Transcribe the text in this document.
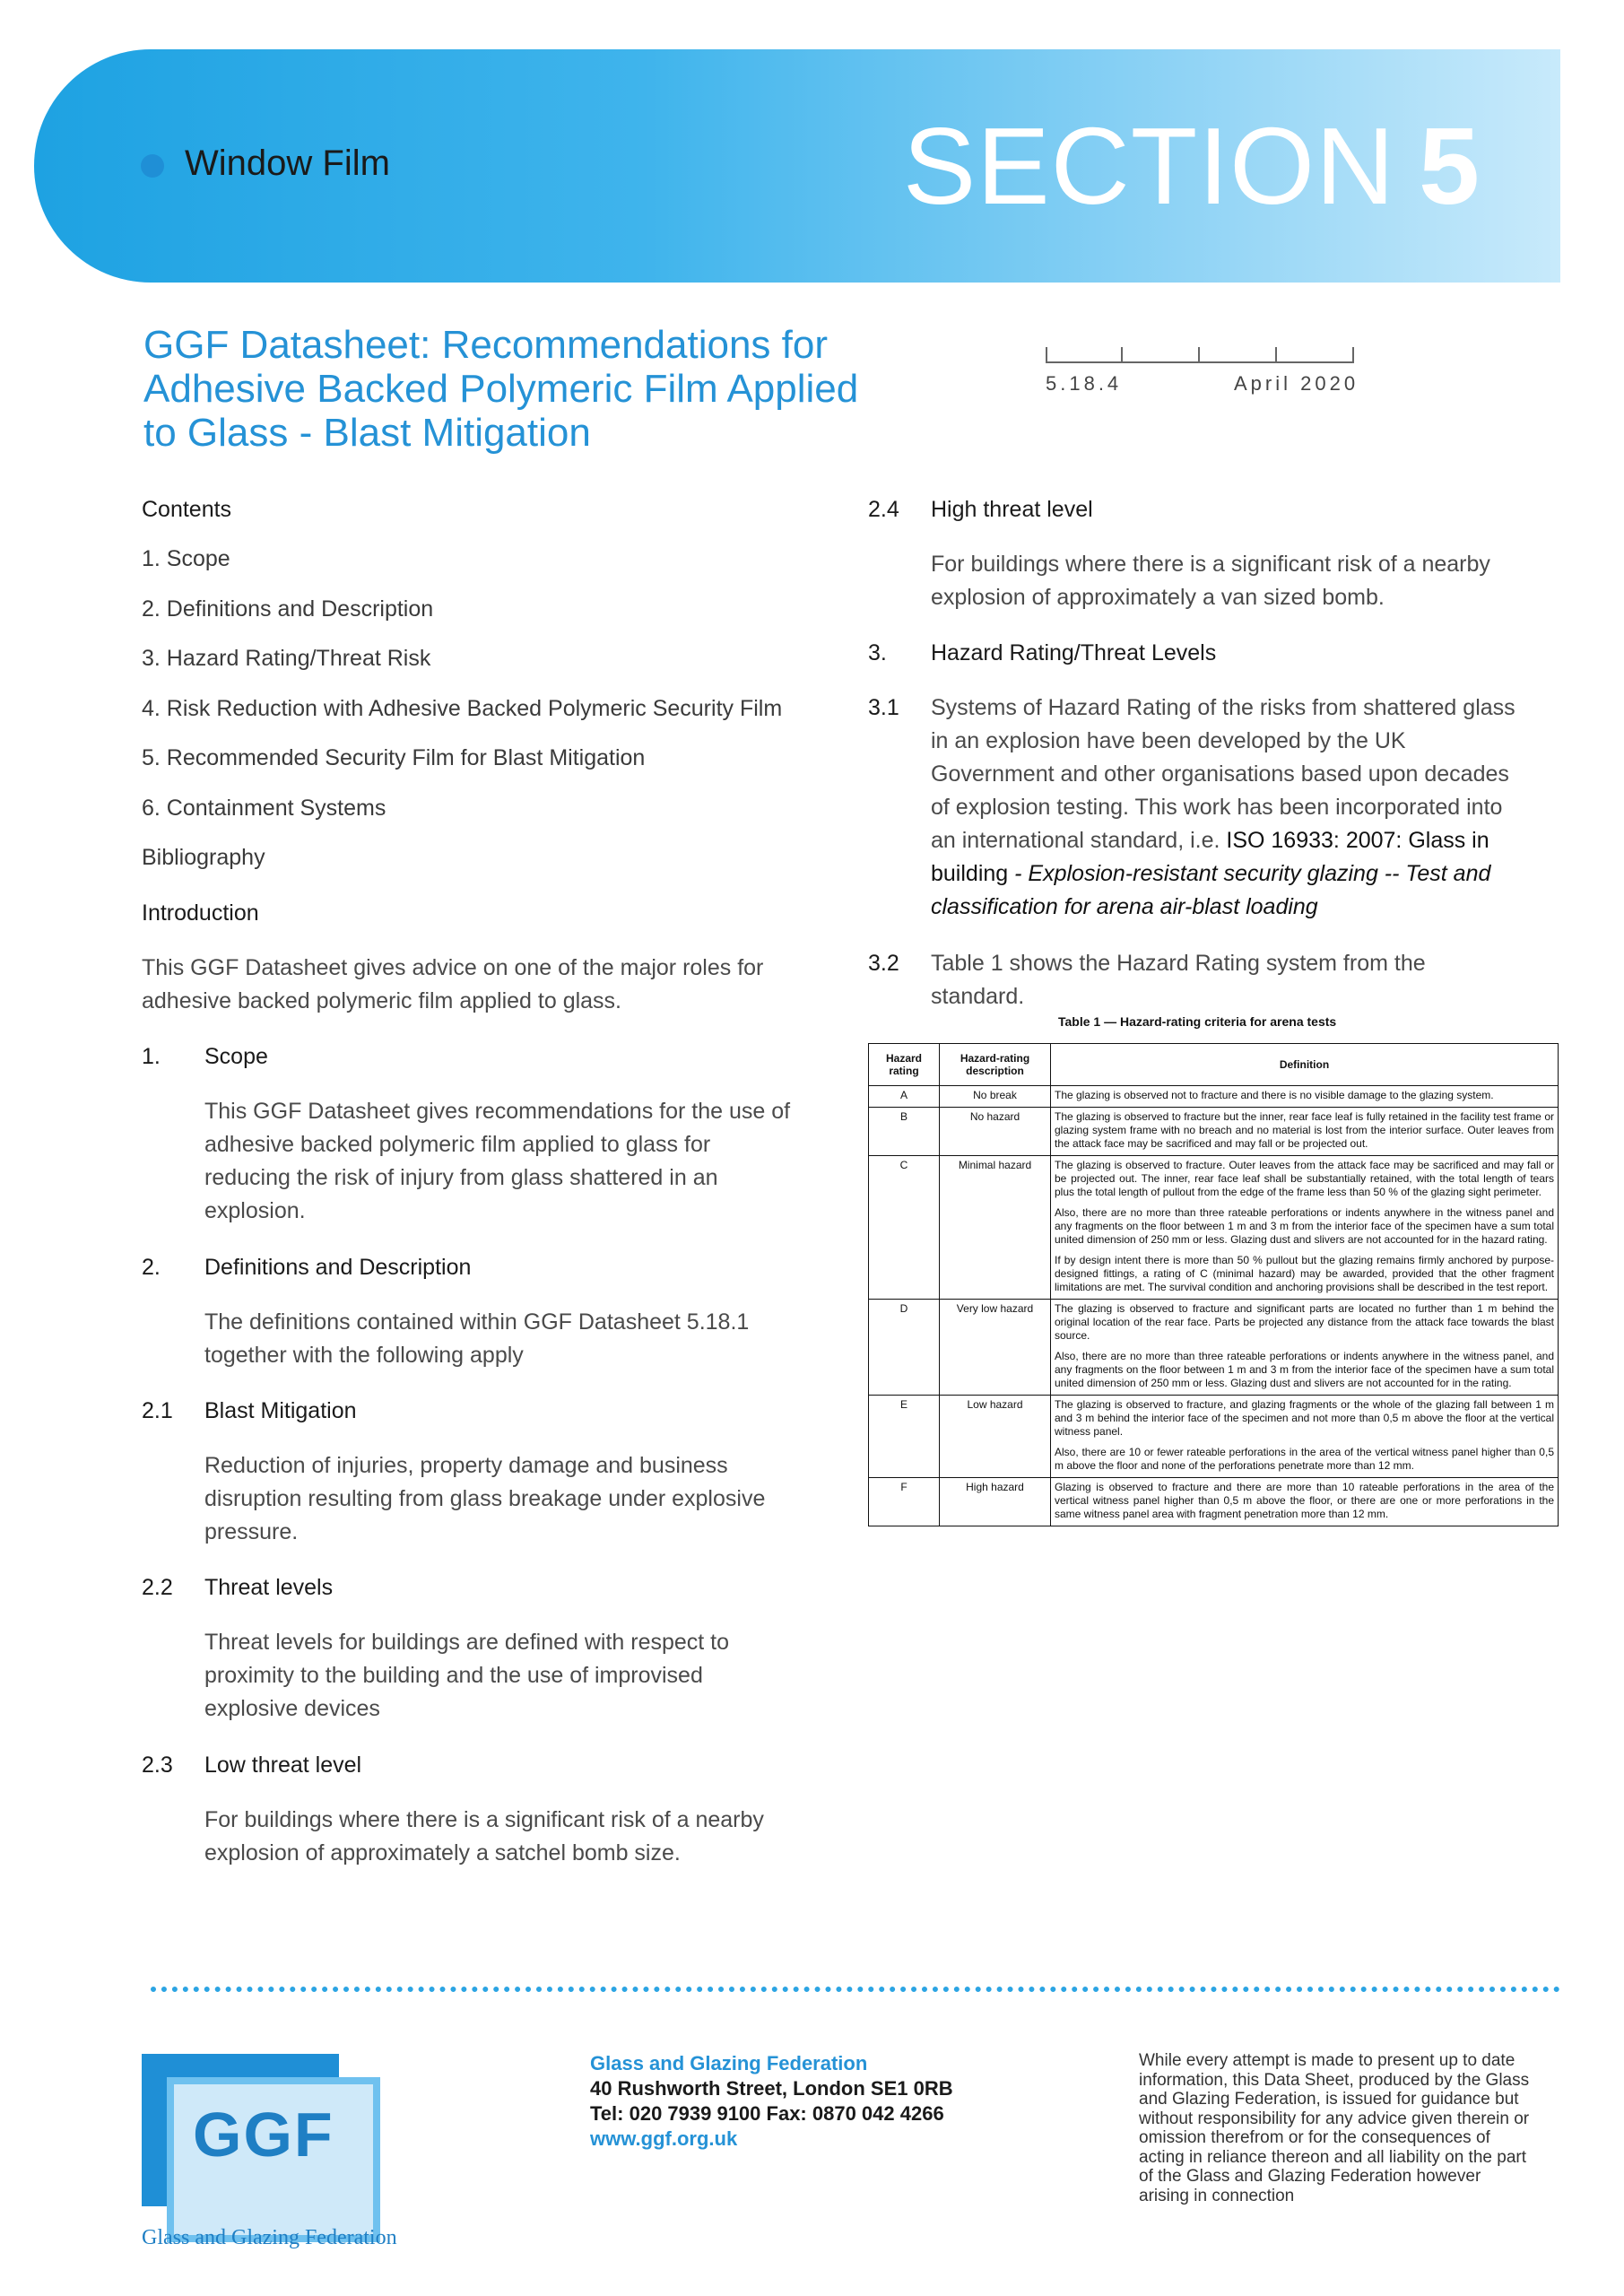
Window Film	SECTION 5
GGF Datasheet: Recommendations for
Adhesive Backed Polymeric Film Applied
to Glass - Blast Mitigation
5.18.4	April 2020
Contents
1. Scope
2. Definitions and Description
3. Hazard Rating/Threat Risk
4. Risk Reduction with Adhesive Backed Polymeric Security Film
5. Recommended Security Film for Blast Mitigation
6. Containment Systems
Bibliography
Introduction
This GGF Datasheet gives advice on one of the major roles for
adhesive backed polymeric film applied to glass.
1. Scope
This GGF Datasheet gives recommendations for the use of
adhesive backed polymeric film applied to glass for
reducing the risk of injury from glass shattered in an
explosion.
2. Definitions and Description
The definitions contained within GGF Datasheet 5.18.1
together with the following apply
2.1 Blast Mitigation
Reduction of injuries, property damage and business
disruption resulting from glass breakage under explosive
pressure.
2.2 Threat levels
Threat levels for buildings are defined with respect to
proximity to the building and the use of improvised
explosive devices
2.3 Low threat level
For buildings where there is a significant risk of a nearby
explosion of approximately a satchel bomb size.
2.4 High threat level
For buildings where there is a significant risk of a nearby
explosion of approximately a van sized bomb.
3. Hazard Rating/Threat Levels
3.1 Systems of Hazard Rating of the risks from shattered glass
in an explosion have been developed by the UK
Government and other organisations based upon decades
of explosion testing. This work has been incorporated into
an international standard, i.e. ISO 16933: 2007: Glass in
building - Explosion-resistant security glazing -- Test and
classification for arena air-blast loading
3.2 Table 1 shows the Hazard Rating system from the
standard.
Table 1 — Hazard-rating criteria for arena tests
Hazard rating	Hazard-rating description	Definition
A	No break	The glazing is observed not to fracture and there is no visible damage to the glazing system.

B	No hazard	The glazing is observed to fracture but the inner, rear face leaf is fully retained in the facility test frame or glazing system frame with no breach and no material is lost from the interior surface. Outer leaves from the attack face may be sacrificed and may fall or be projected out.

C	Minimal hazard	The glazing is observed to fracture. Outer leaves from the attack face may be sacrificed and may fall or be projected out. The inner, rear face leaf shall be substantially retained, with the total length of tears plus the total length of pullout from the edge of the frame less than 50 % of the glazing sight perimeter.

Also, there are no more than three rateable perforations or indents anywhere in the witness panel and any fragments on the floor between 1 m and 3 m from the interior face of the specimen have a sum total united dimension of 250 mm or less. Glazing dust and slivers are not accounted for in the hazard rating.

If by design intent there is more than 50 % pullout but the glazing remains firmly anchored by purpose-designed fittings, a rating of C (minimal hazard) may be awarded, provided that the other fragment limitations are met. The survival condition and anchoring provisions shall be described in the test report.

D	Very low hazard	The glazing is observed to fracture and significant parts are located no further than 1 m behind the original location of the rear face. Parts be projected any distance from the attack face towards the blast source.

Also, there are no more than three rateable perforations or indents anywhere in the witness panel, and any fragments on the floor between 1 m and 3 m from the interior face of the specimen have a sum total united dimension of 250 mm or less. Glazing dust and slivers are not accounted for in the rating.

E	Low hazard	The glazing is observed to fracture, and glazing fragments or the whole of the glazing fall between 1 m and 3 m behind the interior face of the specimen and not more than 0,5 m above the floor at the vertical witness panel.

Also, there are 10 or fewer rateable perforations in the area of the vertical witness panel higher than 0,5 m above the floor and none of the perforations penetrate more than 12 mm.

F	High hazard	Glazing is observed to fracture and there are more than 10 rateable perforations in the area of the vertical witness panel higher than 0,5 m above the floor, or there are one or more perforations in the same witness panel area with fragment penetration more than 12 mm.

GGF
Glass and Glazing Federation
Glass and Glazing Federation
40 Rushworth Street, London SE1 0RB
Tel: 020 7939 9100 Fax: 0870 042 4266
www.ggf.org.uk
While every attempt is made to present up to date information, this Data Sheet, produced by the Glass and Glazing Federation, is issued for guidance but without responsibility for any advice given therein or omission therefrom or for the consequences of acting in reliance thereon and all liability on the part of the Glass and Glazing Federation however arising in connection
